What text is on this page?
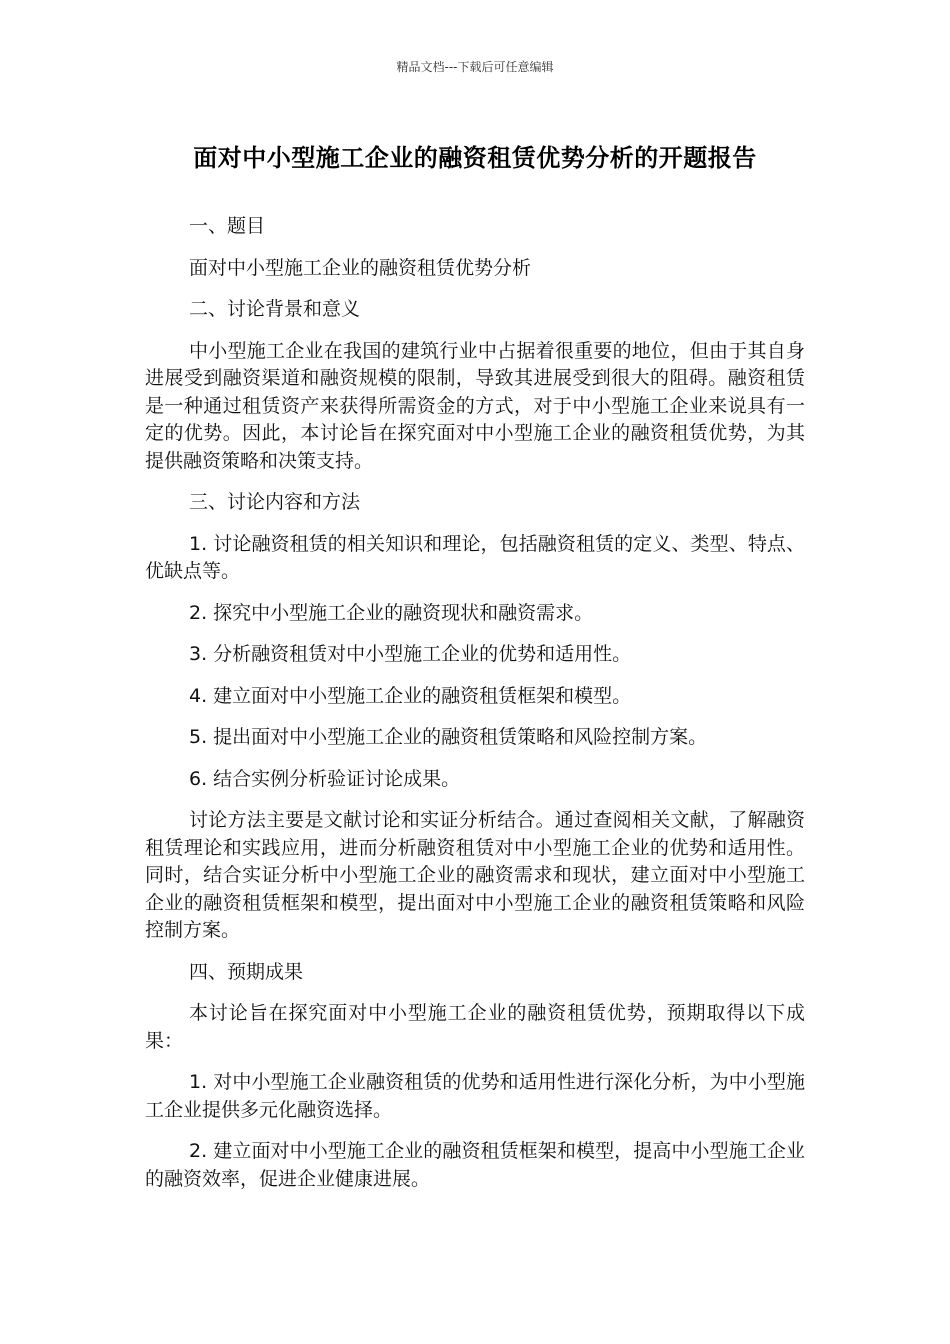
精品文档---下载后可任意编辑
面对中小型施工企业的融资租赁优势分析的开题报告

一、题目

面对中小型施工企业的融资租赁优势分析

二、讨论背景和意义

中小型施工企业在我国的建筑行业中占据着很重要的地位，但由于其自身进展受到融资渠道和融资规模的限制，导致其进展受到很大的阻碍。融资租赁是一种通过租赁资产来获得所需资金的方式，对于中小型施工企业来说具有一定的优势。因此，本讨论旨在探究面对中小型施工企业的融资租赁优势，为其提供融资策略和决策支持。

三、讨论内容和方法

1. 讨论融资租赁的相关知识和理论，包括融资租赁的定义、类型、特点、优缺点等。

2. 探究中小型施工企业的融资现状和融资需求。

3. 分析融资租赁对中小型施工企业的优势和适用性。

4. 建立面对中小型施工企业的融资租赁框架和模型。

5. 提出面对中小型施工企业的融资租赁策略和风险控制方案。

6. 结合实例分析验证讨论成果。

讨论方法主要是文献讨论和实证分析结合。通过查阅相关文献，了解融资租赁理论和实践应用，进而分析融资租赁对中小型施工企业的优势和适用性。同时，结合实证分析中小型施工企业的融资需求和现状，建立面对中小型施工企业的融资租赁框架和模型，提出面对中小型施工企业的融资租赁策略和风险控制方案。

四、预期成果

本讨论旨在探究面对中小型施工企业的融资租赁优势，预期取得以下成果：

1. 对中小型施工企业融资租赁的优势和适用性进行深化分析，为中小型施工企业提供多元化融资选择。

2. 建立面对中小型施工企业的融资租赁框架和模型，提高中小型施工企业的融资效率，促进企业健康进展。
